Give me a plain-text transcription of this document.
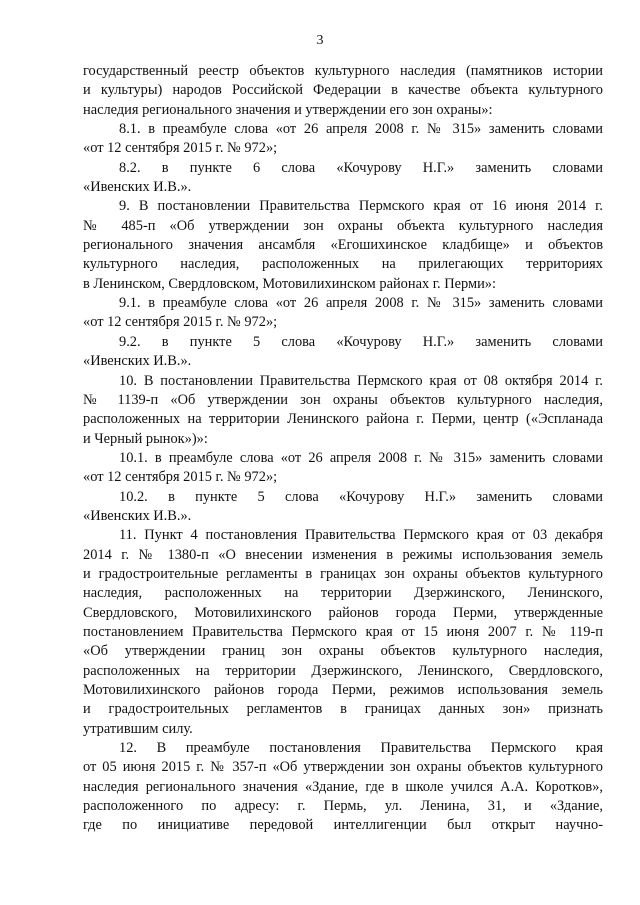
3
государственный реестр объектов культурного наследия (памятников истории
и культуры) народов Российской Федерации в качестве объекта культурного
наследия регионального значения и утверждении его зон охраны»:
8.1. в преамбуле слова «от 26 апреля 2008 г. № 315» заменить словами
«от 12 сентября 2015 г. № 972»;
8.2. в пункте 6 слова «Кочурову Н.Г.» заменить словами
«Ивенских И.В.».
9. В постановлении Правительства Пермского края от 16 июня 2014 г.
№ 485-п «Об утверждении зон охраны объекта культурного наследия
регионального значения ансамбля «Егошихинское кладбище» и объектов
культурного наследия, расположенных на прилегающих территориях
в Ленинском, Свердловском, Мотовилихинском районах г. Перми»:
9.1. в преамбуле слова «от 26 апреля 2008 г. № 315» заменить словами
«от 12 сентября 2015 г. № 972»;
9.2. в пункте 5 слова «Кочурову Н.Г.» заменить словами
«Ивенских И.В.».
10. В постановлении Правительства Пермского края от 08 октября 2014 г.
№ 1139-п «Об утверждении зон охраны объектов культурного наследия,
расположенных на территории Ленинского района г. Перми, центр («Эспланада
и Черный рынок»)»:
10.1. в преамбуле слова «от 26 апреля 2008 г. № 315» заменить словами
«от 12 сентября 2015 г. № 972»;
10.2. в пункте 5 слова «Кочурову Н.Г.» заменить словами
«Ивенских И.В.».
11. Пункт 4 постановления Правительства Пермского края от 03 декабря
2014 г. № 1380-п «О внесении изменения в режимы использования земель
и градостроительные регламенты в границах зон охраны объектов культурного
наследия, расположенных на территории Дзержинского, Ленинского,
Свердловского, Мотовилихинского районов города Перми, утвержденные
постановлением Правительства Пермского края от 15 июня 2007 г. № 119-п
«Об утверждении границ зон охраны объектов культурного наследия,
расположенных на территории Дзержинского, Ленинского, Свердловского,
Мотовилихинского районов города Перми, режимов использования земель
и градостроительных регламентов в границах данных зон» признать
утратившим силу.
12. В преамбуле постановления Правительства Пермского края
от 05 июня 2015 г. № 357-п «Об утверждении зон охраны объектов культурного
наследия регионального значения «Здание, где в школе учился А.А. Коротков»,
расположенного по адресу: г. Пермь, ул. Ленина, 31, и «Здание,
где по инициативе передовой интеллигенции был открыт научно-
